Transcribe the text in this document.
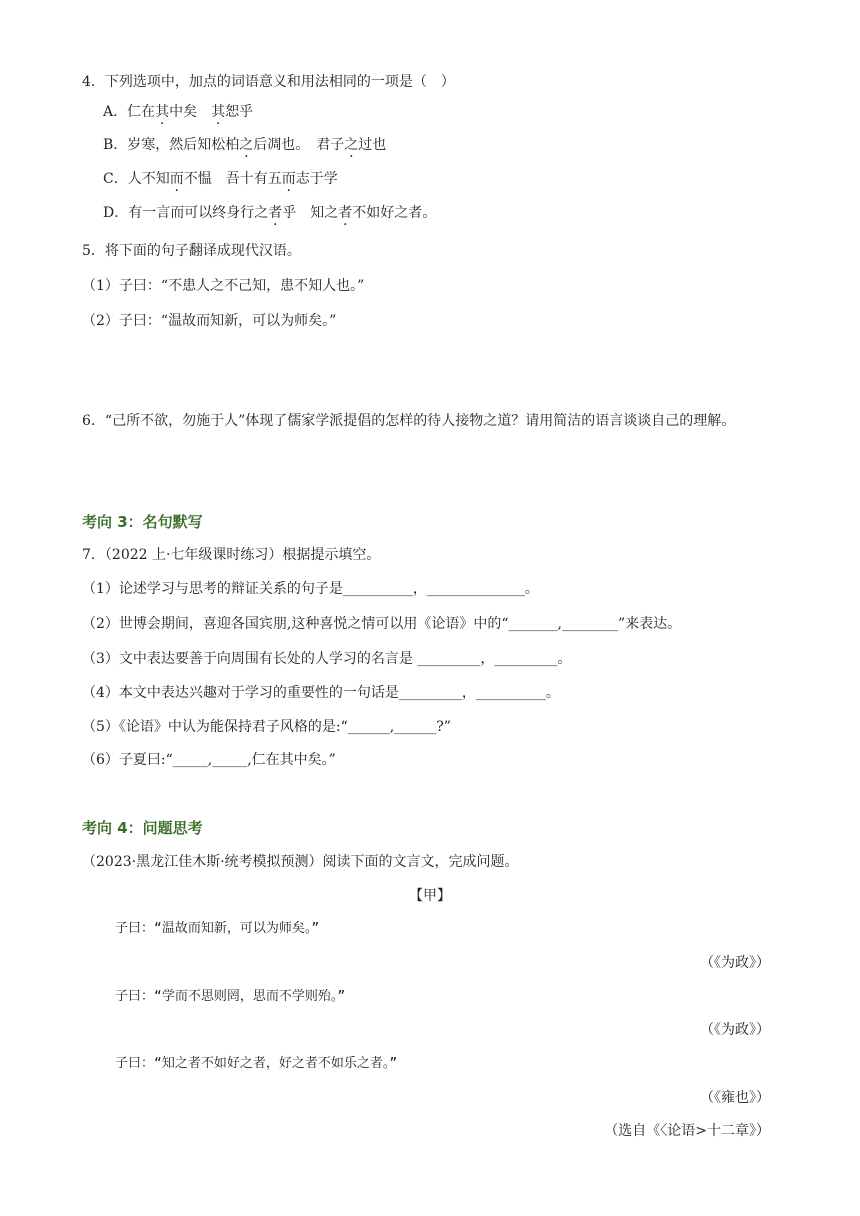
4．下列选项中，加点的词语意义和用法相同的一项是（　）
A．仁在其中矣　其恕乎
B．岁寒，然后知松柏之后凋也。　君子之过也
C．人不知而不愠　吾十有五而志于学
D．有一言而可以终身行之者乎　知之者不如好之者。
5．将下面的句子翻译成现代汉语。
（1）子曰：“不患人之不己知，患不知人也。”
（2）子曰：“温故而知新，可以为师矣。”
6．“己所不欲，勿施于人”体现了儒家学派提倡的怎样的待人接物之道？请用简洁的语言谈谈自己的理解。
考向 3：名句默写
7．（2022 上·七年级课时练习）根据提示填空。
（1）论述学习与思考的辩证关系的句子是__________，______________。
（2）世博会期间，喜迎各国宾朋,这种喜悦之情可以用《论语》中的“_______,________”来表达。
（3）文中表达要善于向周围有长处的人学习的名言是 _________，_________。
（4）本文中表达兴趣对于学习的重要性的一句话是_________，__________。
（5）《论语》中认为能保持君子风格的是:“______,______?”
（6）子夏曰:“_____,_____,仁在其中矣。”
考向 4：问题思考
（2023·黑龙江佳木斯·统考模拟预测）阅读下面的文言文，完成问题。
【甲】
子曰：“温故而知新，可以为师矣。”
（《为政》）
子曰：“学而不思则罔，思而不学则殆。”
（《为政》）
子曰：“知之者不如好之者，好之者不如乐之者。”
（《雍也》）
（选自《〈论语>十二章》）
